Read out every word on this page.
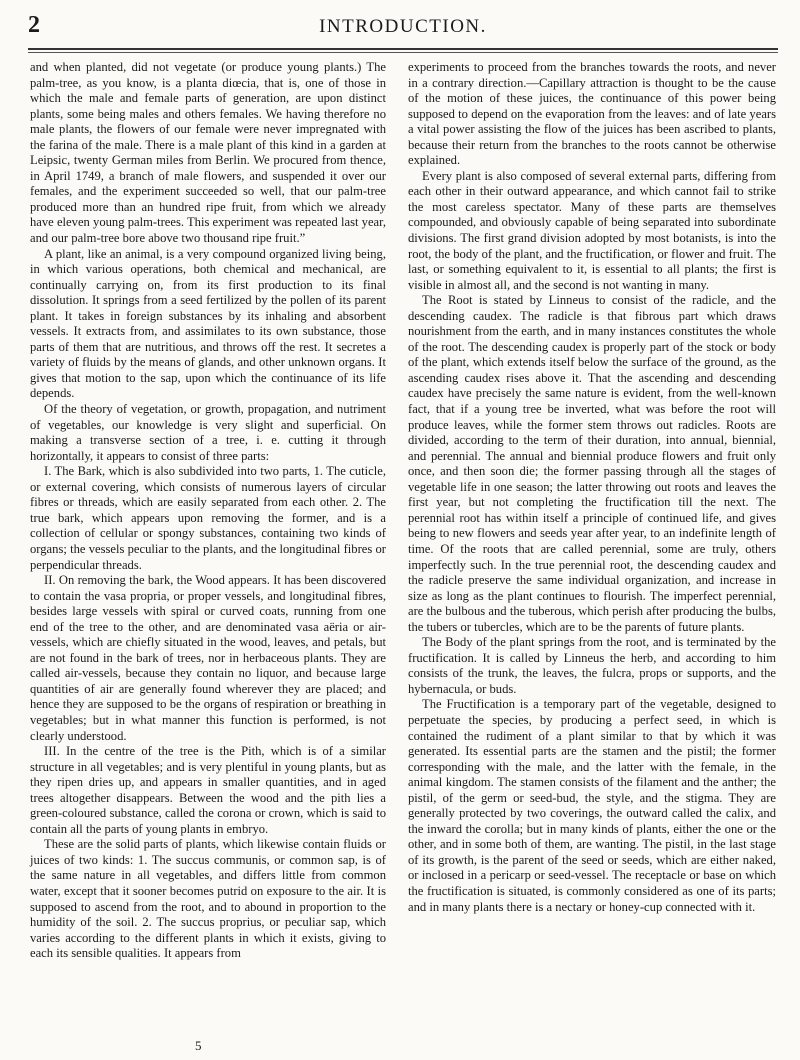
2	INTRODUCTION.

and when planted, did not vegetate (or produce young plants.) The palm-tree, as you know, is a planta diœcia, that is, one of those in which the male and female parts of generation, are upon distinct plants, some being males and others females. We having therefore no male plants, the flowers of our female were never impregnated with the farina of the male. There is a male plant of this kind in a garden at Leipsic, twenty German miles from Berlin. We procured from thence, in April 1749, a branch of male flowers, and suspended it over our females, and the experiment succeeded so well, that our palm-tree produced more than an hundred ripe fruit, from which we already have eleven young palm-trees. This experiment was repeated last year, and our palm-tree bore above two thousand ripe fruit.”

A plant, like an animal, is a very compound organized living being, in which various operations, both chemical and mechanical, are continually carrying on, from its first production to its final dissolution. It springs from a seed fertilized by the pollen of its parent plant. It takes in foreign substances by its inhaling and absorbent vessels. It extracts from, and assimilates to its own substance, those parts of them that are nutritious, and throws off the rest. It secretes a variety of fluids by the means of glands, and other unknown organs. It gives that motion to the sap, upon which the continuance of its life depends.

Of the theory of vegetation, or growth, propagation, and nutriment of vegetables, our knowledge is very slight and superficial. On making a transverse section of a tree, i. e. cutting it through horizontally, it appears to consist of three parts:

I. The Bark, which is also subdivided into two parts, 1. The cuticle, or external covering, which consists of numerous layers of circular fibres or threads, which are easily separated from each other. 2. The true bark, which appears upon removing the former, and is a collection of cellular or spongy substances, containing two kinds of organs; the vessels peculiar to the plants, and the longitudinal fibres or perpendicular threads.

II. On removing the bark, the Wood appears. It has been discovered to contain the vasa propria, or proper vessels, and longitudinal fibres, besides large vessels with spiral or curved coats, running from one end of the tree to the other, and are denominated vasa aëria or air-vessels, which are chiefly situated in the wood, leaves, and petals, but are not found in the bark of trees, nor in herbaceous plants. They are called air-vessels, because they contain no liquor, and because large quantities of air are generally found wherever they are placed; and hence they are supposed to be the organs of respiration or breathing in vegetables; but in what manner this function is performed, is not clearly understood.

III. In the centre of the tree is the Pith, which is of a similar structure in all vegetables; and is very plentiful in young plants, but as they ripen dries up, and appears in smaller quantities, and in aged trees altogether disappears. Between the wood and the pith lies a green-coloured substance, called the corona or crown, which is said to contain all the parts of young plants in embryo.

These are the solid parts of plants, which likewise contain fluids or juices of two kinds: 1. The succus communis, or common sap, is of the same nature in all vegetables, and differs little from common water, except that it sooner becomes putrid on exposure to the air. It is supposed to ascend from the root, and to abound in proportion to the humidity of the soil. 2. The succus proprius, or peculiar sap, which varies according to the different plants in which it exists, giving to each its sensible qualities. It appears from

experiments to proceed from the branches towards the roots, and never in a contrary direction.—Capillary attraction is thought to be the cause of the motion of these juices, the continuance of this power being supposed to depend on the evaporation from the leaves: and of late years a vital power assisting the flow of the juices has been ascribed to plants, because their return from the branches to the roots cannot be otherwise explained.

Every plant is also composed of several external parts, differing from each other in their outward appearance, and which cannot fail to strike the most careless spectator. Many of these parts are themselves compounded, and obviously capable of being separated into subordinate divisions. The first grand division adopted by most botanists, is into the root, the body of the plant, and the fructification, or flower and fruit. The last, or something equivalent to it, is essential to all plants; the first is visible in almost all, and the second is not wanting in many.

The Root is stated by Linneus to consist of the radicle, and the descending caudex. The radicle is that fibrous part which draws nourishment from the earth, and in many instances constitutes the whole of the root. The descending caudex is properly part of the stock or body of the plant, which extends itself below the surface of the ground, as the ascending caudex rises above it. That the ascending and descending caudex have precisely the same nature is evident, from the well-known fact, that if a young tree be inverted, what was before the root will produce leaves, while the former stem throws out radicles. Roots are divided, according to the term of their duration, into annual, biennial, and perennial. The annual and biennial produce flowers and fruit only once, and then soon die; the former passing through all the stages of vegetable life in one season; the latter throwing out roots and leaves the first year, but not completing the fructification till the next. The perennial root has within itself a principle of continued life, and gives being to new flowers and seeds year after year, to an indefinite length of time. Of the roots that are called perennial, some are truly, others imperfectly such. In the true perennial root, the descending caudex and the radicle preserve the same individual organization, and increase in size as long as the plant continues to flourish. The imperfect perennial, are the bulbous and the tuberous, which perish after producing the bulbs, the tubers or tubercles, which are to be the parents of future plants.

The Body of the plant springs from the root, and is terminated by the fructification. It is called by Linneus the herb, and according to him consists of the trunk, the leaves, the fulcra, props or supports, and the hybernacula, or buds.

The Fructification is a temporary part of the vegetable, designed to perpetuate the species, by producing a perfect seed, in which is contained the rudiment of a plant similar to that by which it was generated. Its essential parts are the stamen and the pistil; the former corresponding with the male, and the latter with the female, in the animal kingdom. The stamen consists of the filament and the anther; the pistil, of the germ or seed-bud, the style, and the stigma. They are generally protected by two coverings, the outward called the calix, and the inward the corolla; but in many kinds of plants, either the one or the other, and in some both of them, are wanting. The pistil, in the last stage of its growth, is the parent of the seed or seeds, which are either naked, or inclosed in a pericarp or seed-vessel. The receptacle or base on which the fructification is situated, is commonly considered as one of its parts; and in many plants there is a nectary or honey-cup connected with it.

5
